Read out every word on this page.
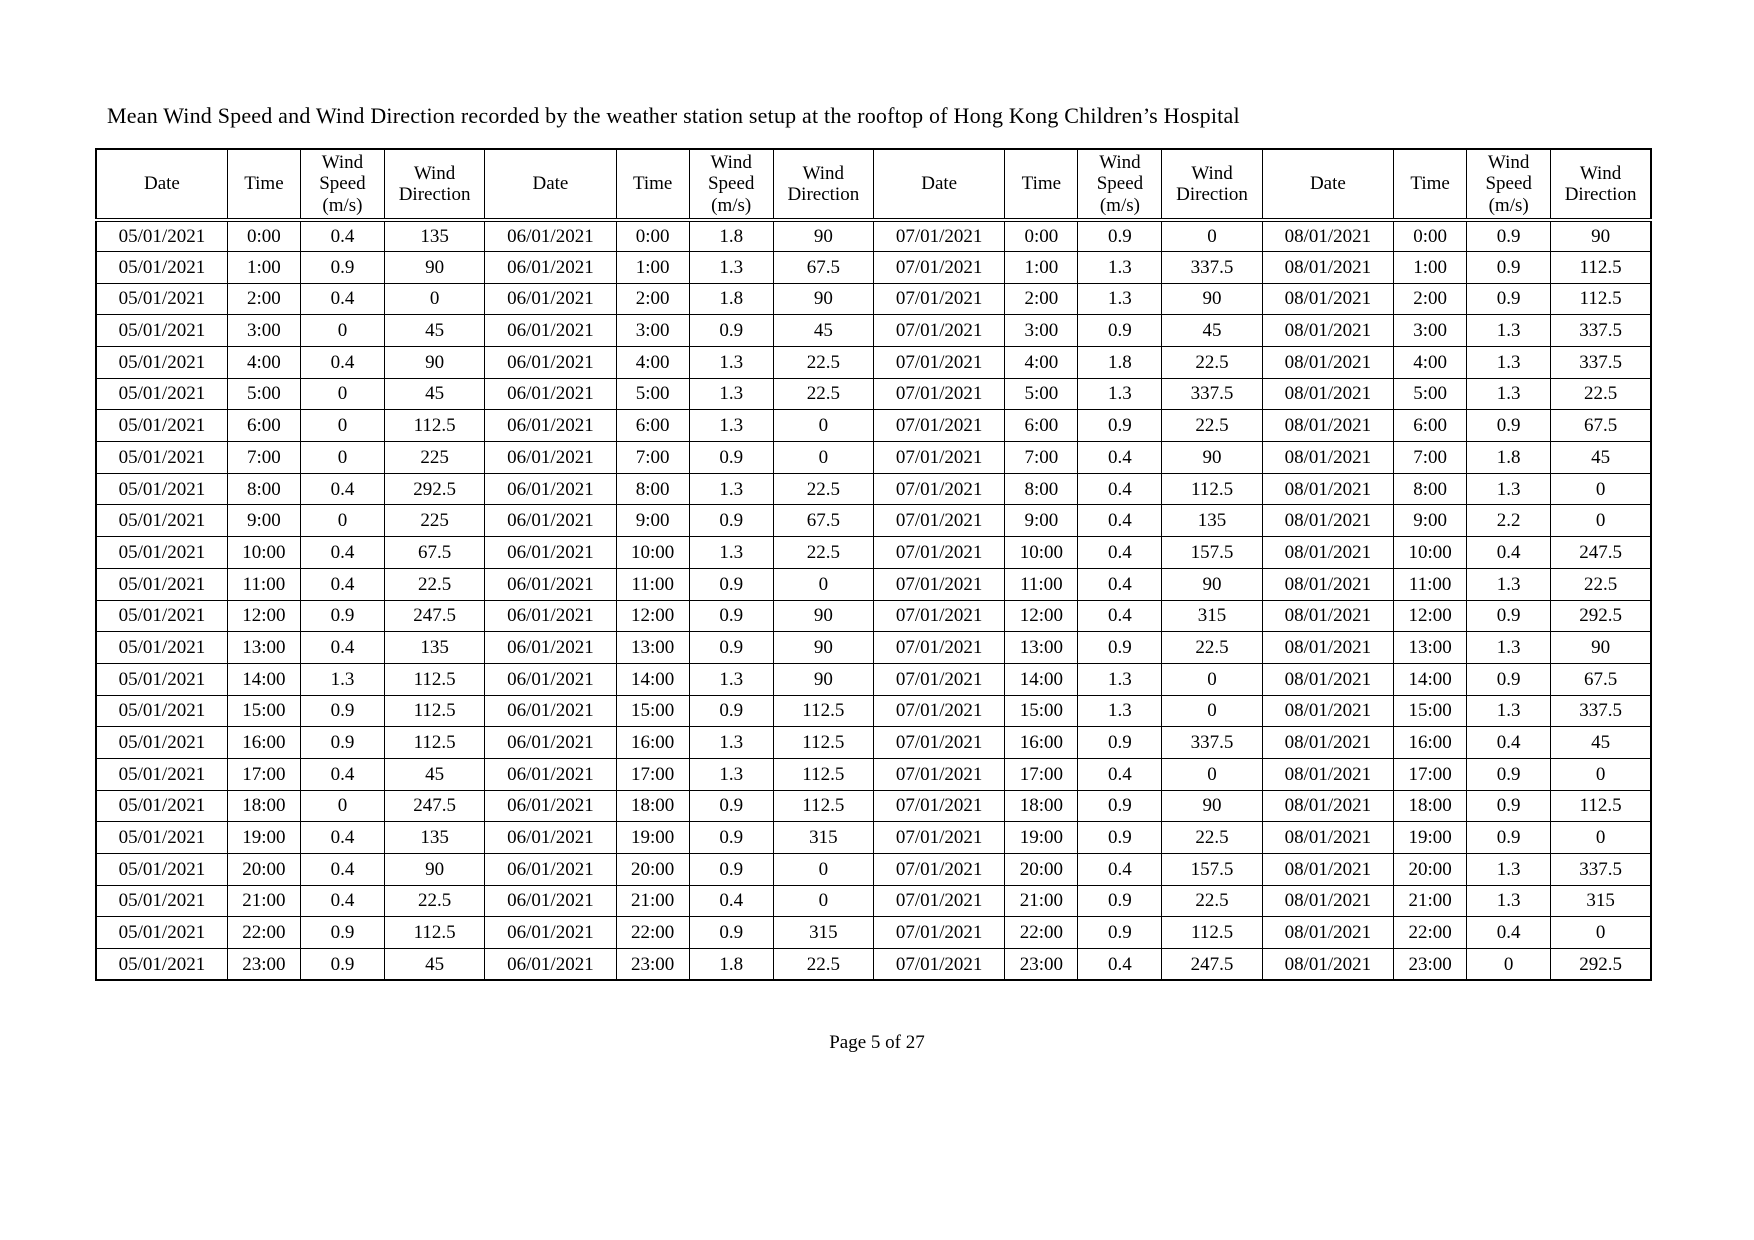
Mean Wind Speed and Wind Direction recorded by the weather station setup at the rooftop of Hong Kong Children’s Hospital
Date	Time	Wind Speed (m/s)	Wind Direction	Date	Time	Wind Speed (m/s)	Wind Direction	Date	Time	Wind Speed (m/s)	Wind Direction	Date	Time	Wind Speed (m/s)	Wind Direction
05/01/2021	0:00	0.4	135	06/01/2021	0:00	1.8	90	07/01/2021	0:00	0.9	0	08/01/2021	0:00	0.9	90
05/01/2021	1:00	0.9	90	06/01/2021	1:00	1.3	67.5	07/01/2021	1:00	1.3	337.5	08/01/2021	1:00	0.9	112.5
05/01/2021	2:00	0.4	0	06/01/2021	2:00	1.8	90	07/01/2021	2:00	1.3	90	08/01/2021	2:00	0.9	112.5
05/01/2021	3:00	0	45	06/01/2021	3:00	0.9	45	07/01/2021	3:00	0.9	45	08/01/2021	3:00	1.3	337.5
05/01/2021	4:00	0.4	90	06/01/2021	4:00	1.3	22.5	07/01/2021	4:00	1.8	22.5	08/01/2021	4:00	1.3	337.5
05/01/2021	5:00	0	45	06/01/2021	5:00	1.3	22.5	07/01/2021	5:00	1.3	337.5	08/01/2021	5:00	1.3	22.5
05/01/2021	6:00	0	112.5	06/01/2021	6:00	1.3	0	07/01/2021	6:00	0.9	22.5	08/01/2021	6:00	0.9	67.5
05/01/2021	7:00	0	225	06/01/2021	7:00	0.9	0	07/01/2021	7:00	0.4	90	08/01/2021	7:00	1.8	45
05/01/2021	8:00	0.4	292.5	06/01/2021	8:00	1.3	22.5	07/01/2021	8:00	0.4	112.5	08/01/2021	8:00	1.3	0
05/01/2021	9:00	0	225	06/01/2021	9:00	0.9	67.5	07/01/2021	9:00	0.4	135	08/01/2021	9:00	2.2	0
05/01/2021	10:00	0.4	67.5	06/01/2021	10:00	1.3	22.5	07/01/2021	10:00	0.4	157.5	08/01/2021	10:00	0.4	247.5
05/01/2021	11:00	0.4	22.5	06/01/2021	11:00	0.9	0	07/01/2021	11:00	0.4	90	08/01/2021	11:00	1.3	22.5
05/01/2021	12:00	0.9	247.5	06/01/2021	12:00	0.9	90	07/01/2021	12:00	0.4	315	08/01/2021	12:00	0.9	292.5
05/01/2021	13:00	0.4	135	06/01/2021	13:00	0.9	90	07/01/2021	13:00	0.9	22.5	08/01/2021	13:00	1.3	90
05/01/2021	14:00	1.3	112.5	06/01/2021	14:00	1.3	90	07/01/2021	14:00	1.3	0	08/01/2021	14:00	0.9	67.5
05/01/2021	15:00	0.9	112.5	06/01/2021	15:00	0.9	112.5	07/01/2021	15:00	1.3	0	08/01/2021	15:00	1.3	337.5
05/01/2021	16:00	0.9	112.5	06/01/2021	16:00	1.3	112.5	07/01/2021	16:00	0.9	337.5	08/01/2021	16:00	0.4	45
05/01/2021	17:00	0.4	45	06/01/2021	17:00	1.3	112.5	07/01/2021	17:00	0.4	0	08/01/2021	17:00	0.9	0
05/01/2021	18:00	0	247.5	06/01/2021	18:00	0.9	112.5	07/01/2021	18:00	0.9	90	08/01/2021	18:00	0.9	112.5
05/01/2021	19:00	0.4	135	06/01/2021	19:00	0.9	315	07/01/2021	19:00	0.9	22.5	08/01/2021	19:00	0.9	0
05/01/2021	20:00	0.4	90	06/01/2021	20:00	0.9	0	07/01/2021	20:00	0.4	157.5	08/01/2021	20:00	1.3	337.5
05/01/2021	21:00	0.4	22.5	06/01/2021	21:00	0.4	0	07/01/2021	21:00	0.9	22.5	08/01/2021	21:00	1.3	315
05/01/2021	22:00	0.9	112.5	06/01/2021	22:00	0.9	315	07/01/2021	22:00	0.9	112.5	08/01/2021	22:00	0.4	0
05/01/2021	23:00	0.9	45	06/01/2021	23:00	1.8	22.5	07/01/2021	23:00	0.4	247.5	08/01/2021	23:00	0	292.5
Page 5 of 27
